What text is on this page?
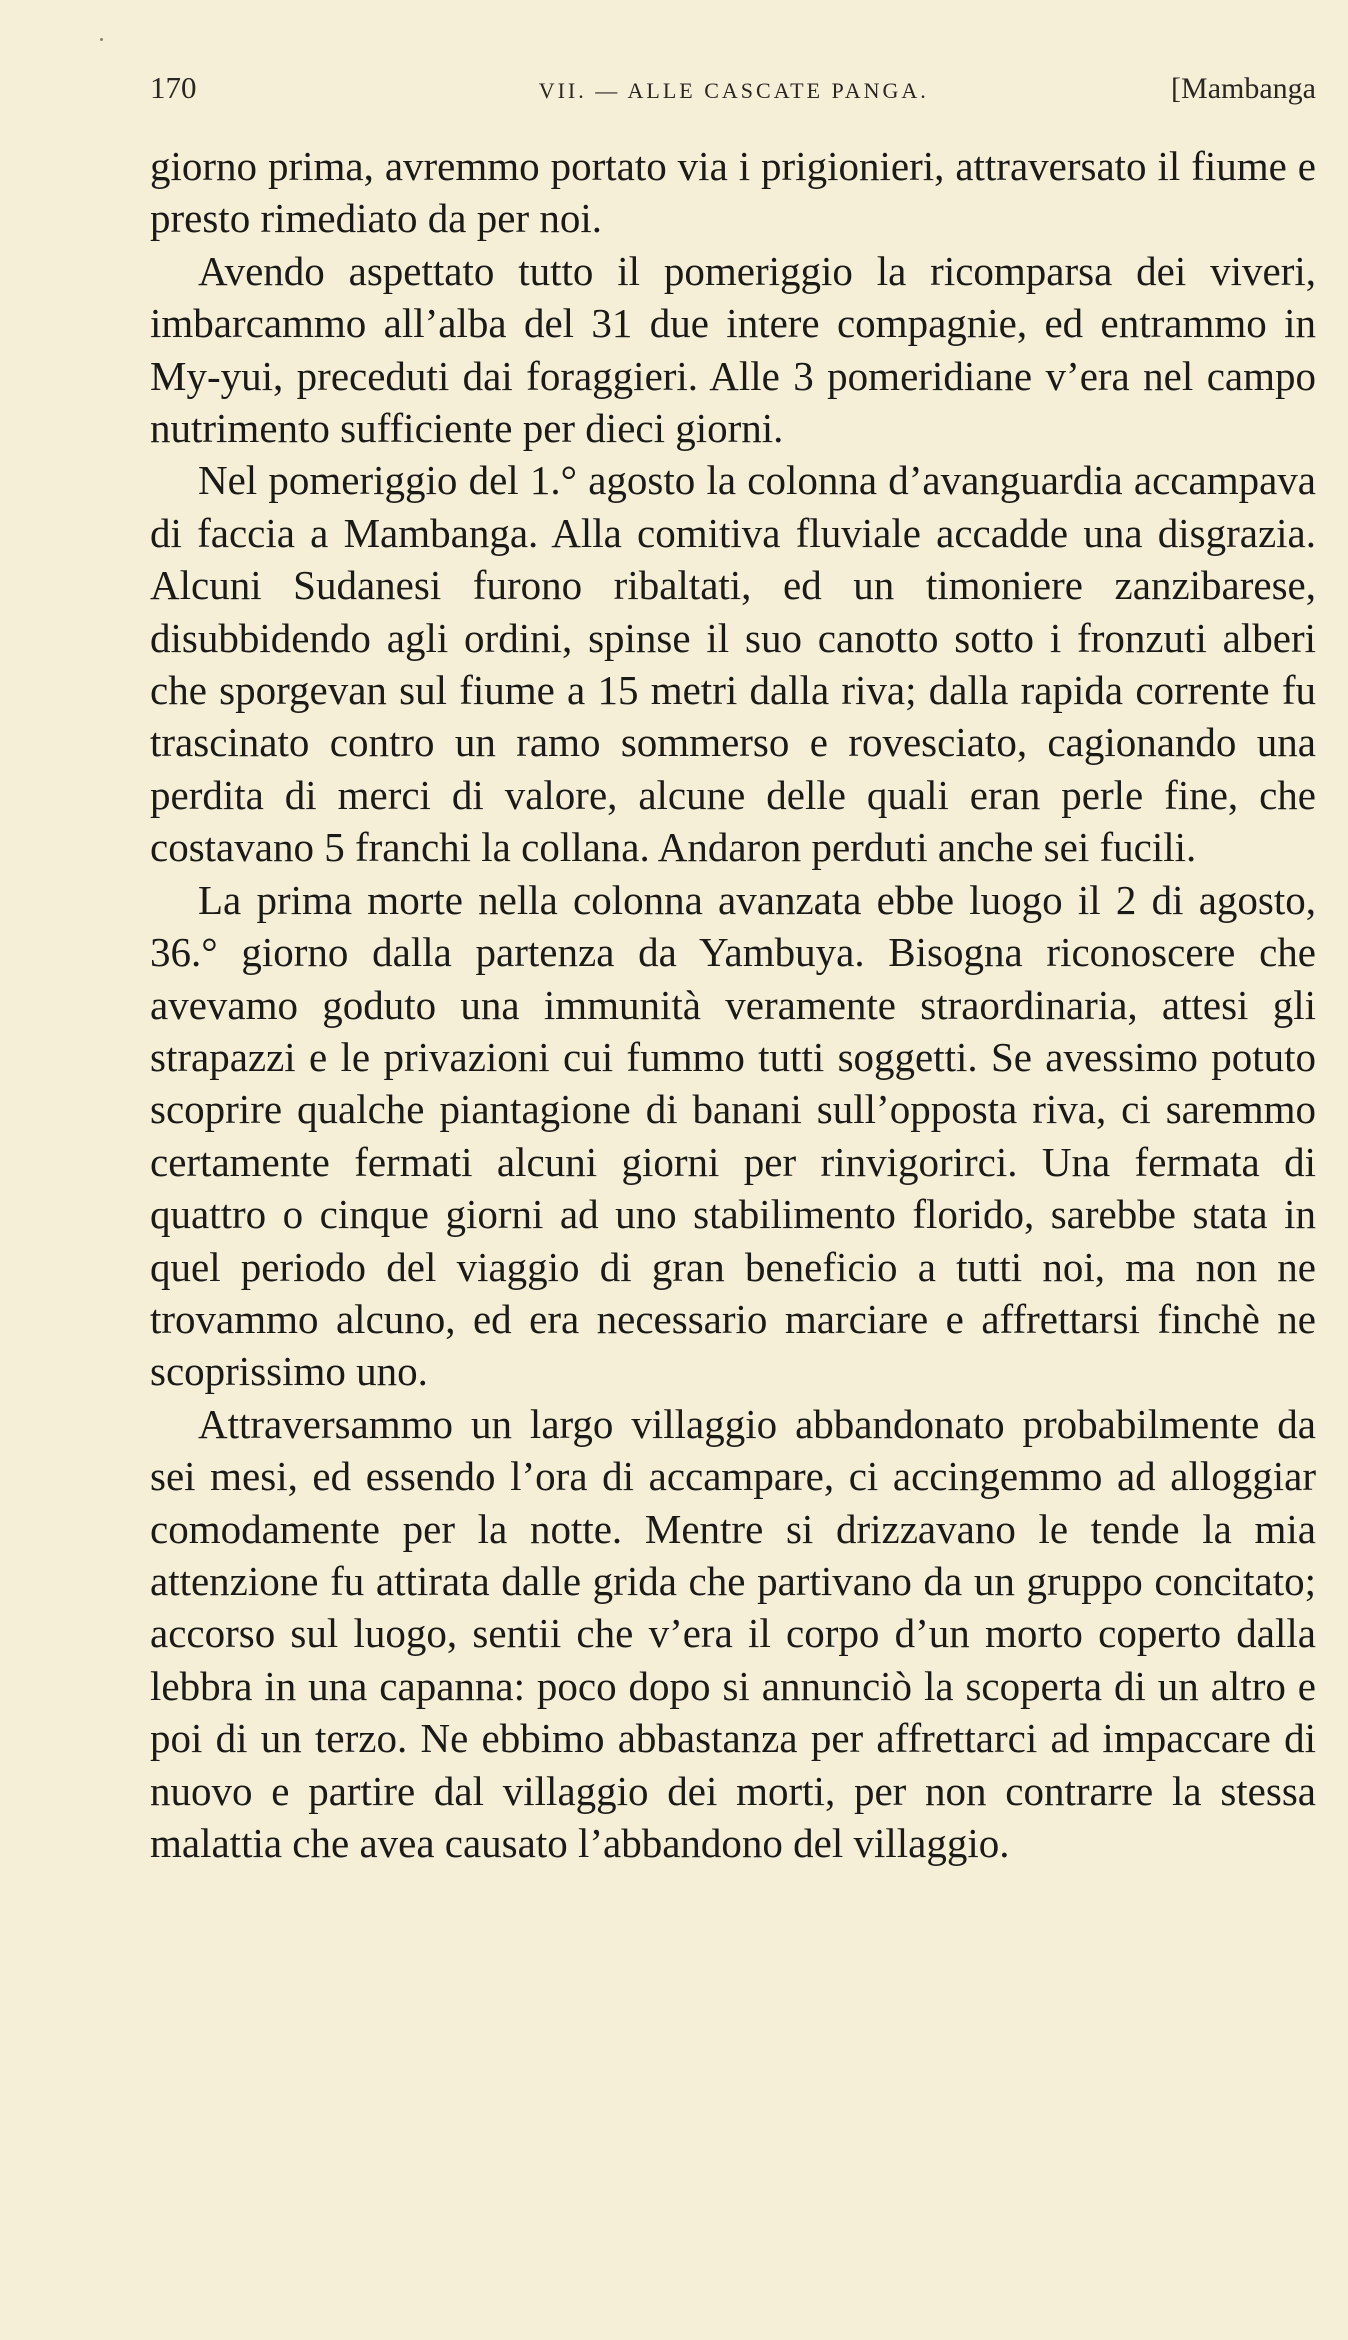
170	VII. — ALLE CASCATE PANGA.	[Mambanga

giorno prima, avremmo portato via i prigionieri, attraversato il fiume e presto rimediato da per noi.

Avendo aspettato tutto il pomeriggio la ricomparsa dei viveri, imbarcammo all’alba del 31 due intere compagnie, ed entrammo in My-yui, preceduti dai foraggieri. Alle 3 pomeridiane v’era nel campo nutrimento sufficiente per dieci giorni.

Nel pomeriggio del 1.° agosto la colonna d’avanguardia accampava di faccia a Mambanga. Alla comitiva fluviale accadde una disgrazia. Alcuni Sudanesi furono ribaltati, ed un timoniere zanzibarese, disubbidendo agli ordini, spinse il suo canotto sotto i fronzuti alberi che sporgevan sul fiume a 15 metri dalla riva; dalla rapida corrente fu trascinato contro un ramo sommerso e rovesciato, cagionando una perdita di merci di valore, alcune delle quali eran perle fine, che costavano 5 franchi la collana. Andaron perduti anche sei fucili.

La prima morte nella colonna avanzata ebbe luogo il 2 di agosto, 36.° giorno dalla partenza da Yambuya. Bisogna riconoscere che avevamo goduto una immunità veramente straordinaria, attesi gli strapazzi e le privazioni cui fummo tutti soggetti. Se avessimo potuto scoprire qualche piantagione di banani sull’opposta riva, ci saremmo certamente fermati alcuni giorni per rinvigorirci. Una fermata di quattro o cinque giorni ad uno stabilimento florido, sarebbe stata in quel periodo del viaggio di gran beneficio a tutti noi, ma non ne trovammo alcuno, ed era necessario marciare e affrettarsi finchè ne scoprissimo uno.

Attraversammo un largo villaggio abbandonato probabilmente da sei mesi, ed essendo l’ora di accampare, ci accingemmo ad alloggiar comodamente per la notte. Mentre si drizzavano le tende la mia attenzione fu attirata dalle grida che partivano da un gruppo concitato; accorso sul luogo, sentii che v’era il corpo d’un morto coperto dalla lebbra in una capanna: poco dopo si annunciò la scoperta di un altro e poi di un terzo. Ne ebbimo abbastanza per affrettarci ad impaccare di nuovo e partire dal villaggio dei morti, per non contrarre la stessa malattia che avea causato l’abbandono del villaggio.
